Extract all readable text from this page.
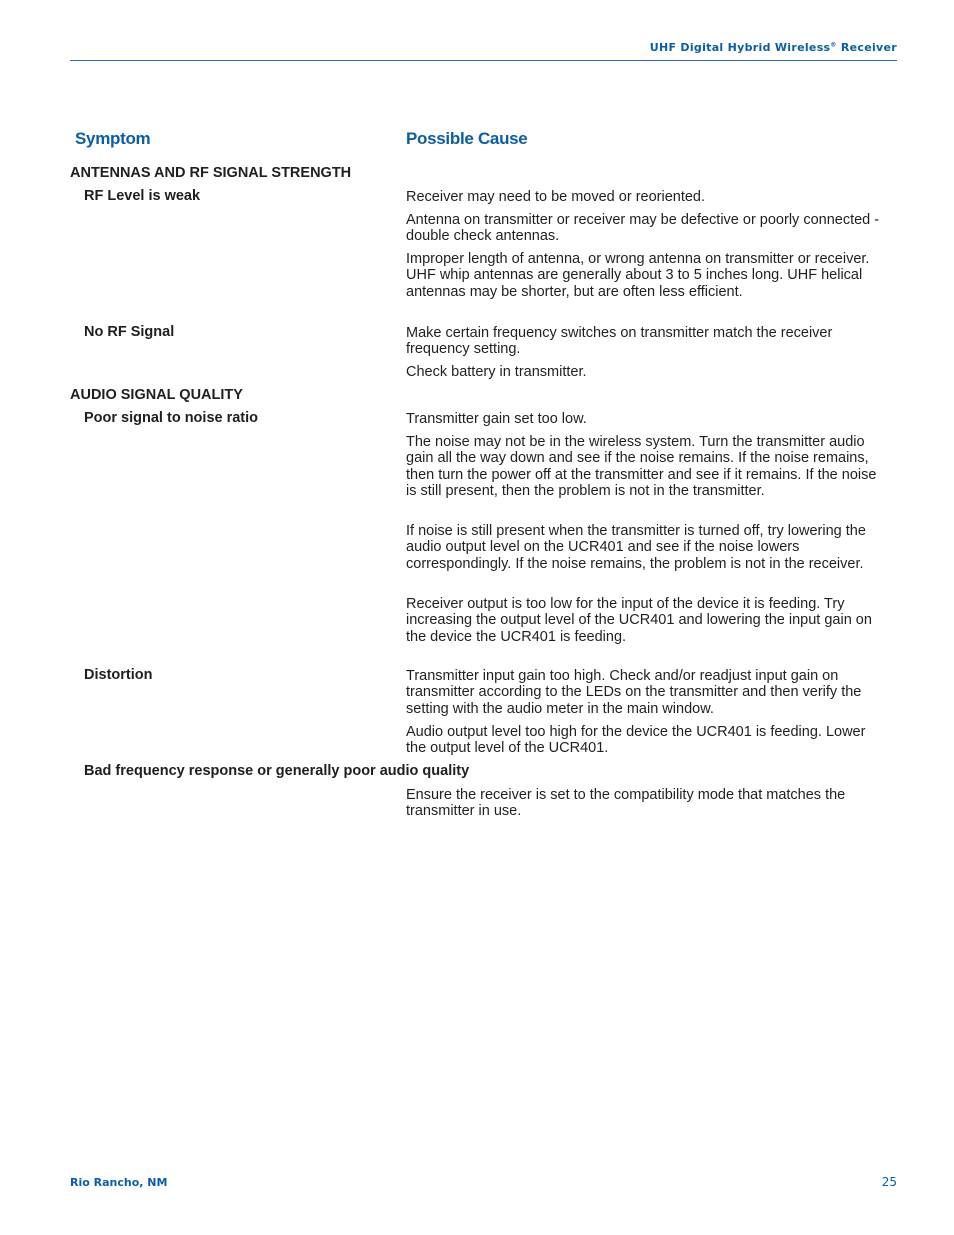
UHF Digital Hybrid Wireless® Receiver
Symptom	Possible Cause
ANTENNAS AND RF SIGNAL STRENGTH
RF Level is weak	Receiver may need to be moved or reoriented.
Antenna on transmitter or receiver may be defective or poorly connected - double check antennas.
Improper length of antenna, or wrong antenna on transmitter or receiver. UHF whip antennas are generally about 3 to 5 inches long. UHF helical antennas may be shorter, but are often less efficient.
No RF Signal	Make certain frequency switches on transmitter match the receiver frequency setting.
Check battery in transmitter.
AUDIO SIGNAL QUALITY
Poor signal to noise ratio	Transmitter gain set too low.
The noise may not be in the wireless system. Turn the transmitter audio gain all the way down and see if the noise remains. If the noise remains, then turn the power off at the transmitter and see if it remains. If the noise is still present, then the problem is not in the transmitter.
If noise is still present when the transmitter is turned off, try lowering the audio output level on the UCR401 and see if the noise lowers correspondingly. If the noise remains, the problem is not in the receiver.
Receiver output is too low for the input of the device it is feeding. Try increasing the output level of the UCR401 and lowering the input gain on the device the UCR401 is feeding.
Distortion	Transmitter input gain too high. Check and/or readjust input gain on transmitter according to the LEDs on the transmitter and then verify the setting with the audio meter in the main window.
Audio output level too high for the device the UCR401 is feeding. Lower the output level of the UCR401.
Bad frequency response or generally poor audio quality
Ensure the receiver is set to the compatibility mode that matches the transmitter in use.
Rio Rancho, NM	25
